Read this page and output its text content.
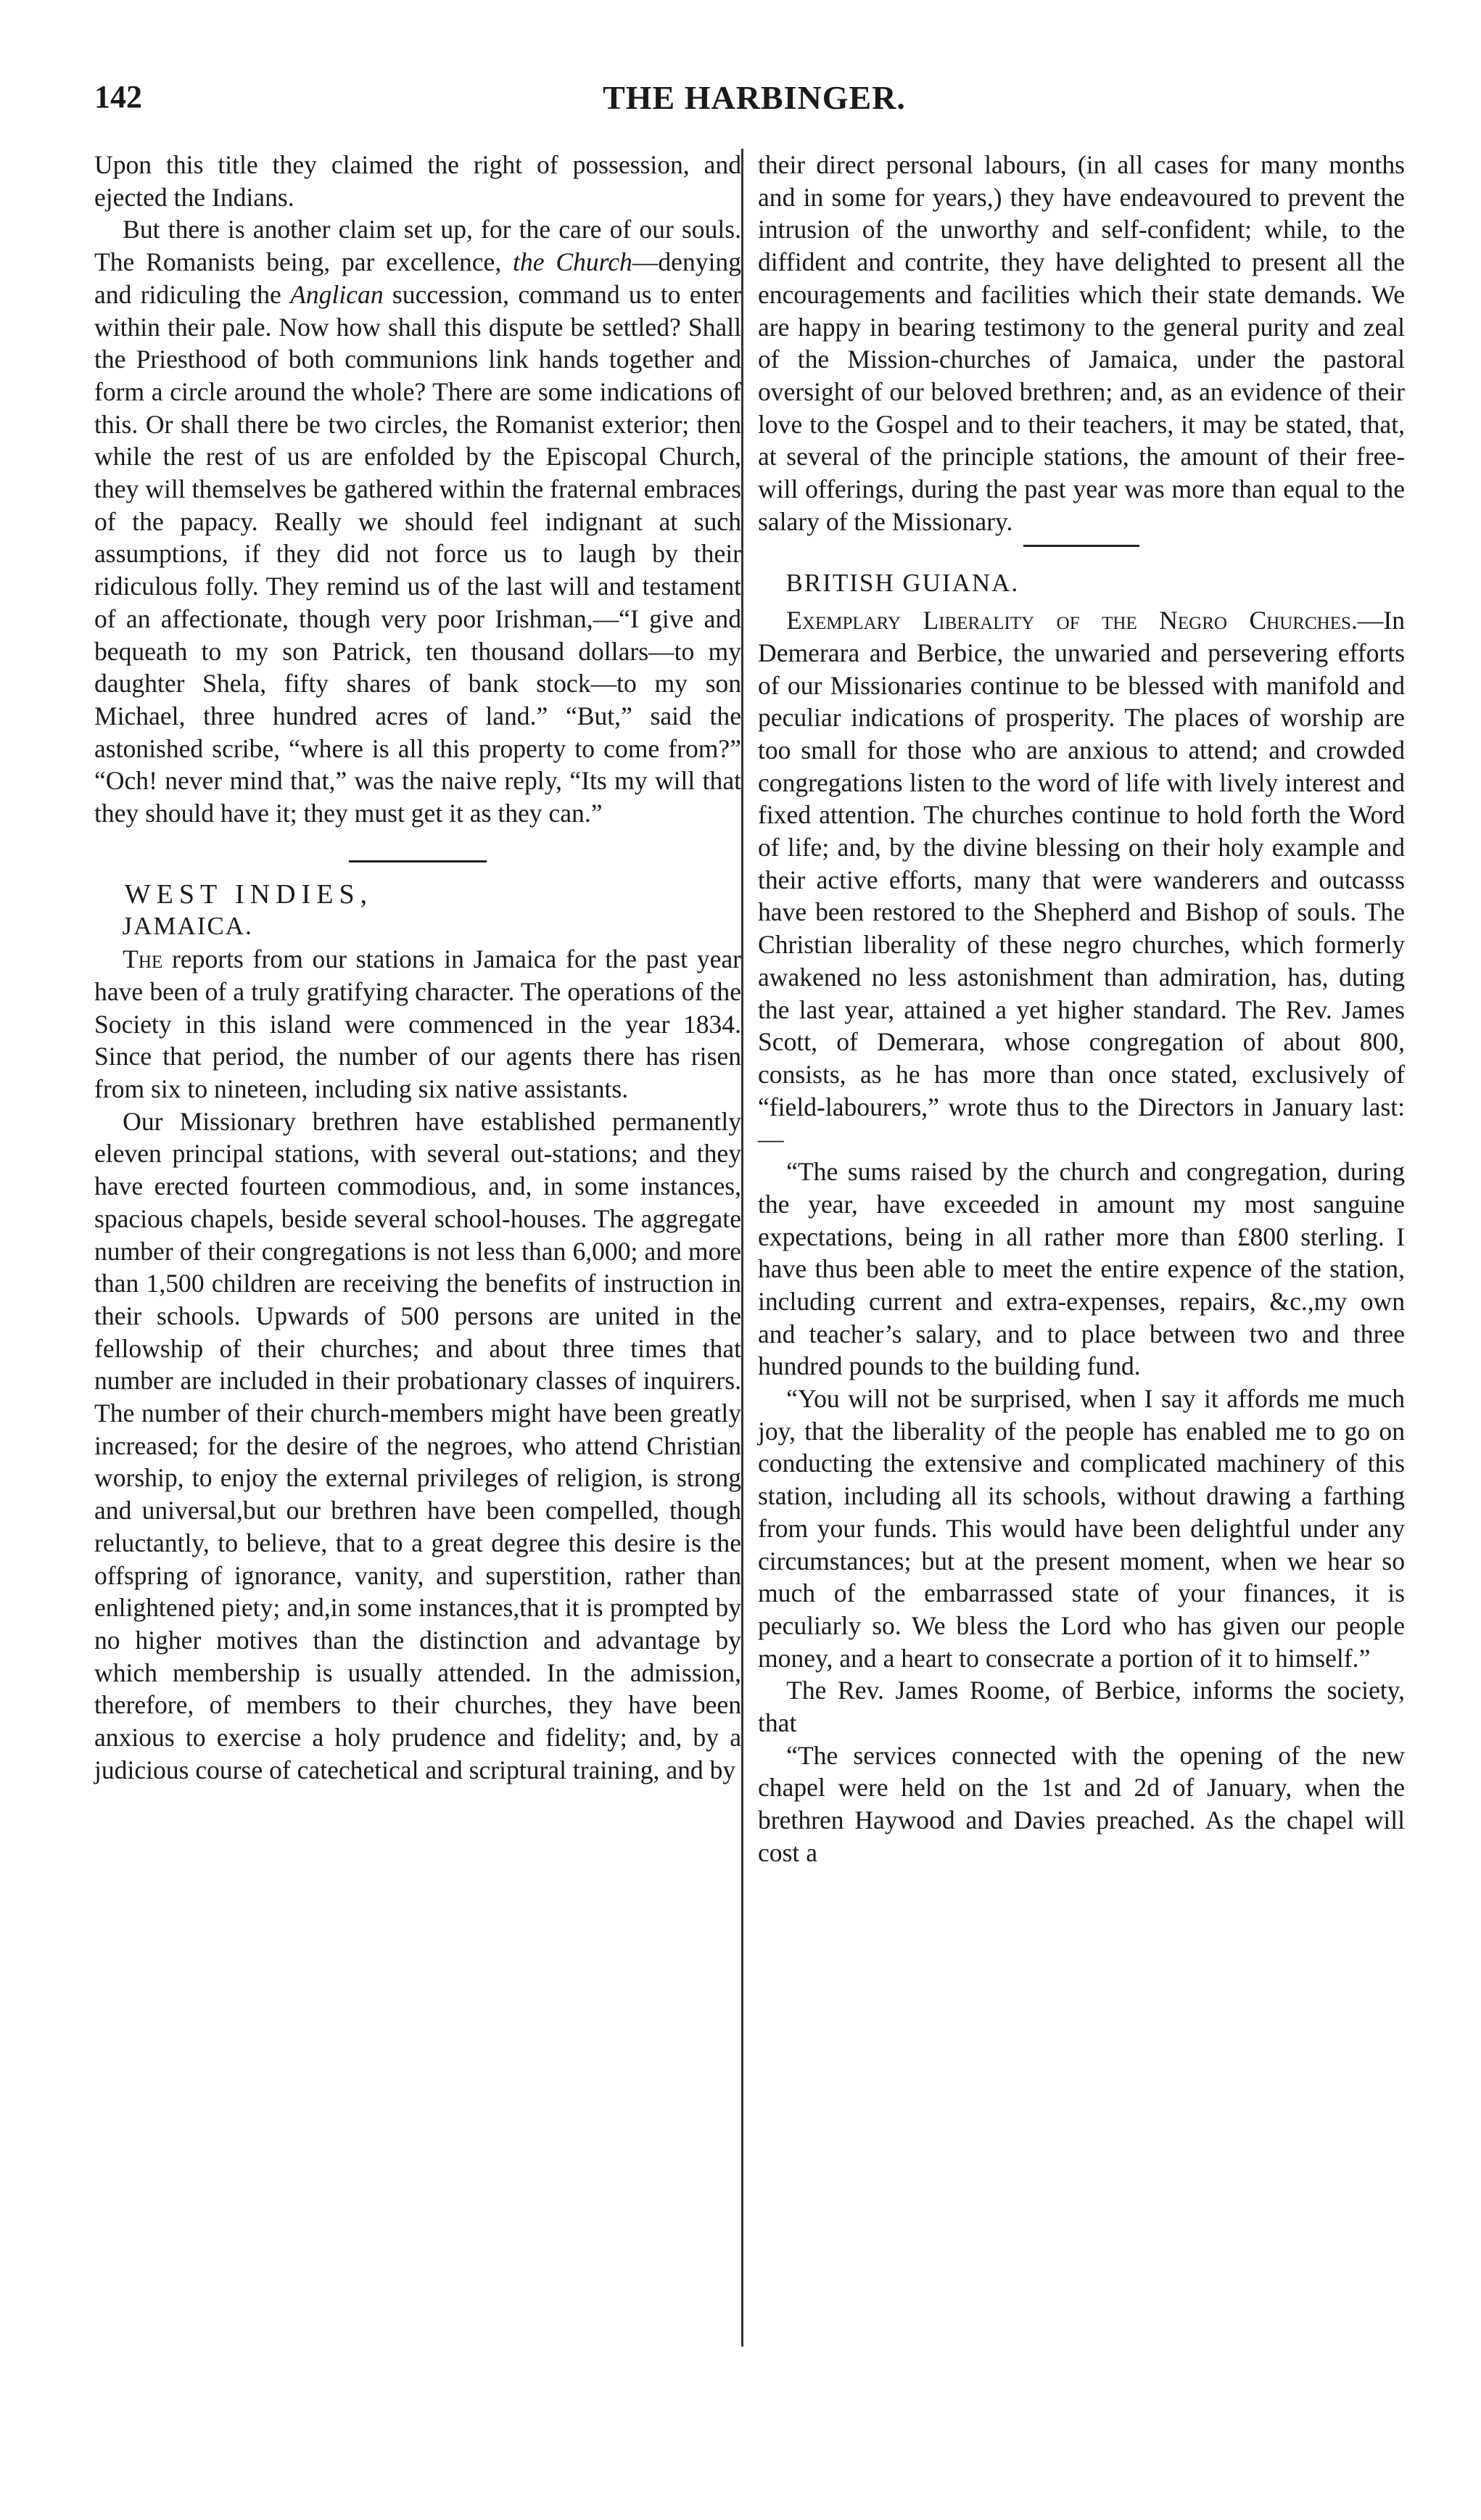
142	THE HARBINGER.

Upon this title they claimed the right of possession, and ejected the Indians.

But there is another claim set up, for the care of our souls. The Romanists being, par excellence, the Church—denying and ridiculing the Anglican succession, command us to enter within their pale. Now how shall this dispute be settled? Shall the Priesthood of both communions link hands together and form a circle around the whole? There are some indications of this. Or shall there be two circles, the Romanist exterior; then while the rest of us are enfolded by the Episcopal Church, they will themselves be gathered within the fraternal embraces of the papacy. Really we should feel indignant at such assumptions, if they did not force us to laugh by their ridiculous folly. They remind us of the last will and testament of an affectionate, though very poor Irishman,—“I give and bequeath to my son Patrick, ten thousand dollars—to my daughter Shela, fifty shares of bank stock—to my son Michael, three hundred acres of land.” “But,” said the astonished scribe, “where is all this property to come from?” “Och! never mind that,” was the naive reply, “Its my will that they should have it; they must get it as they can.”

WEST INDIES,

JAMAICA.

The reports from our stations in Jamaica for the past year have been of a truly gratifying character. The operations of the Society in this island were commenced in the year 1834. Since that period, the number of our agents there has risen from six to nineteen, including six native assistants.

Our Missionary brethren have established permanently eleven principal stations, with several out-stations; and they have erected fourteen commodious, and, in some instances, spacious chapels, beside several school-houses. The aggregate number of their congregations is not less than 6,000; and more than 1,500 children are receiving the benefits of instruction in their schools. Upwards of 500 persons are united in the fellowship of their churches; and about three times that number are included in their probationary classes of inquirers. The number of their church-members might have been greatly increased; for the desire of the negroes, who attend Christian worship, to enjoy the external privileges of religion, is strong and universal,but our brethren have been compelled, though reluctantly, to believe, that to a great degree this desire is the offspring of ignorance, vanity, and superstition, rather than enlightened piety; and,in some instances,that it is prompted by no higher motives than the distinction and advantage by which membership is usually attended. In the admission, therefore, of members to their churches, they have been anxious to exercise a holy prudence and fidelity; and, by a judicious course of catechetical and scriptural training, and by

their direct personal labours, (in all cases for many months and in some for years,) they have endeavoured to prevent the intrusion of the unworthy and self-confident; while, to the diffident and contrite, they have delighted to present all the encouragements and facilities which their state demands. We are happy in bearing testimony to the general purity and zeal of the Mission-churches of Jamaica, under the pastoral oversight of our beloved brethren; and, as an evidence of their love to the Gospel and to their teachers, it may be stated, that, at several of the principle stations, the amount of their free-will offerings, during the past year was more than equal to the salary of the Missionary.

BRITISH GUIANA.

Exemplary Liberality of the Negro Churches.—In Demerara and Berbice, the unwaried and persevering efforts of our Missionaries continue to be blessed with manifold and peculiar indications of prosperity. The places of worship are too small for those who are anxious to attend; and crowded congregations listen to the word of life with lively interest and fixed attention. The churches continue to hold forth the Word of life; and, by the divine blessing on their holy example and their active efforts, many that were wanderers and outcasss have been restored to the Shepherd and Bishop of souls. The Christian liberality of these negro churches, which formerly awakened no less astonishment than admiration, has, duting the last year, attained a yet higher standard. The Rev. James Scott, of Demerara, whose congregation of about 800, consists, as he has more than once stated, exclusively of “field-labourers,” wrote thus to the Directors in January last:—

“The sums raised by the church and congregation, during the year, have exceeded in amount my most sanguine expectations, being in all rather more than £800 sterling. I have thus been able to meet the entire expence of the station, including current and extra-expenses, repairs, &c.,my own and teacher’s salary, and to place between two and three hundred pounds to the building fund.

“You will not be surprised, when I say it affords me much joy, that the liberality of the people has enabled me to go on conducting the extensive and complicated machinery of this station, including all its schools, without drawing a farthing from your funds. This would have been delightful under any circumstances; but at the present moment, when we hear so much of the embarrassed state of your finances, it is peculiarly so. We bless the Lord who has given our people money, and a heart to consecrate a portion of it to himself.”

The Rev. James Roome, of Berbice, informs the society, that

“The services connected with the opening of the new chapel were held on the 1st and 2d of January, when the brethren Haywood and Davies preached. As the chapel will cost a
